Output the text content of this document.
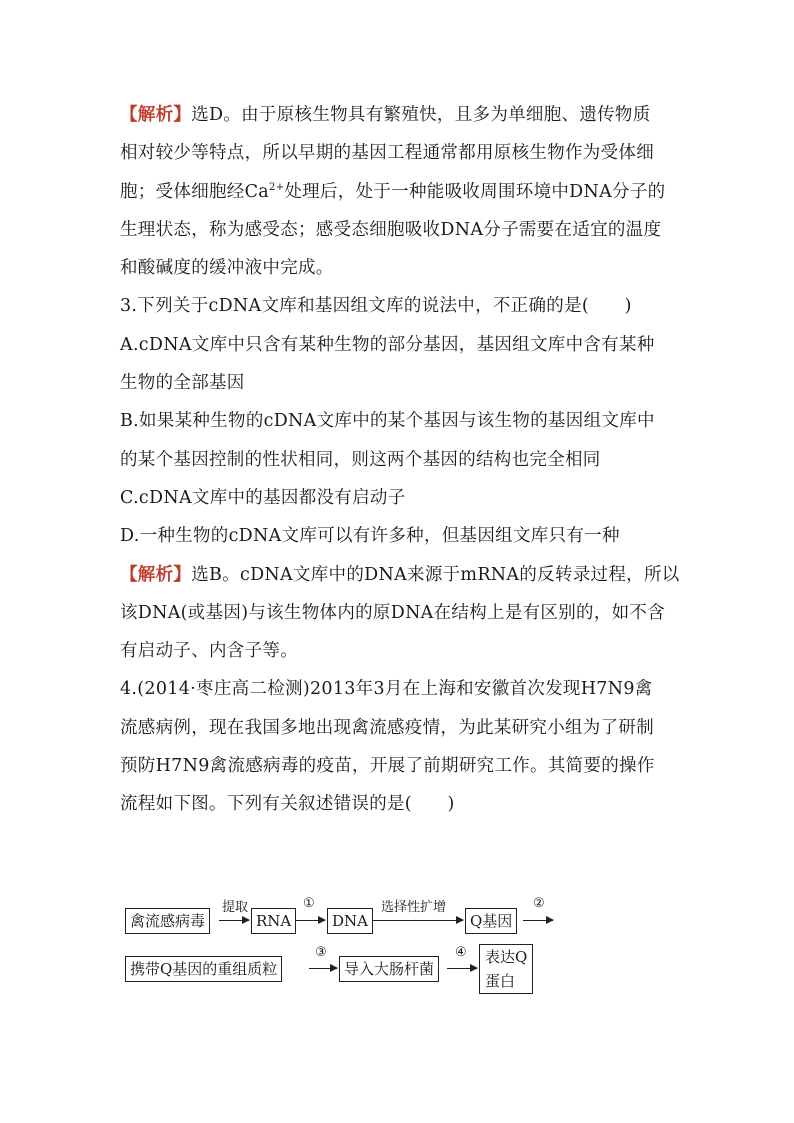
【解析】选D。由于原核生物具有繁殖快，且多为单细胞、遗传物质
相对较少等特点，所以早期的基因工程通常都用原核生物作为受体细
胞；受体细胞经$Ca^{2+}$处理后，处于一种能吸收周围环境中DNA分子的
生理状态，称为感受态；感受态细胞吸收DNA分子需要在适宜的温度
和酸碱度的缓冲液中完成。
3.下列关于cDNA文库和基因组文库的说法中，不正确的是(　　)
A.cDNA文库中只含有某种生物的部分基因，基因组文库中含有某种
生物的全部基因
B.如果某种生物的cDNA文库中的某个基因与该生物的基因组文库中
的某个基因控制的性状相同，则这两个基因的结构也完全相同
C.cDNA文库中的基因都没有启动子
D.一种生物的cDNA文库可以有许多种，但基因组文库只有一种
【解析】选B。cDNA文库中的DNA来源于mRNA的反转录过程，所以
该DNA(或基因)与该生物体内的原DNA在结构上是有区别的，如不含
有启动子、内含子等。
4.(2014·枣庄高二检测)2013年3月在上海和安徽首次发现H7N9禽
流感病例，现在我国多地出现禽流感疫情，为此某研究小组为了研制
预防H7N9禽流感病毒的疫苗，开展了前期研究工作。其简要的操作
流程如下图。下列有关叙述错误的是(　　)
禽流感病毒
提取
RNA
①
DNA
选择性扩增
Q基因
②
携带Q基因的重组质粒
③
导入大肠杆菌
④	表达Q
蛋白
